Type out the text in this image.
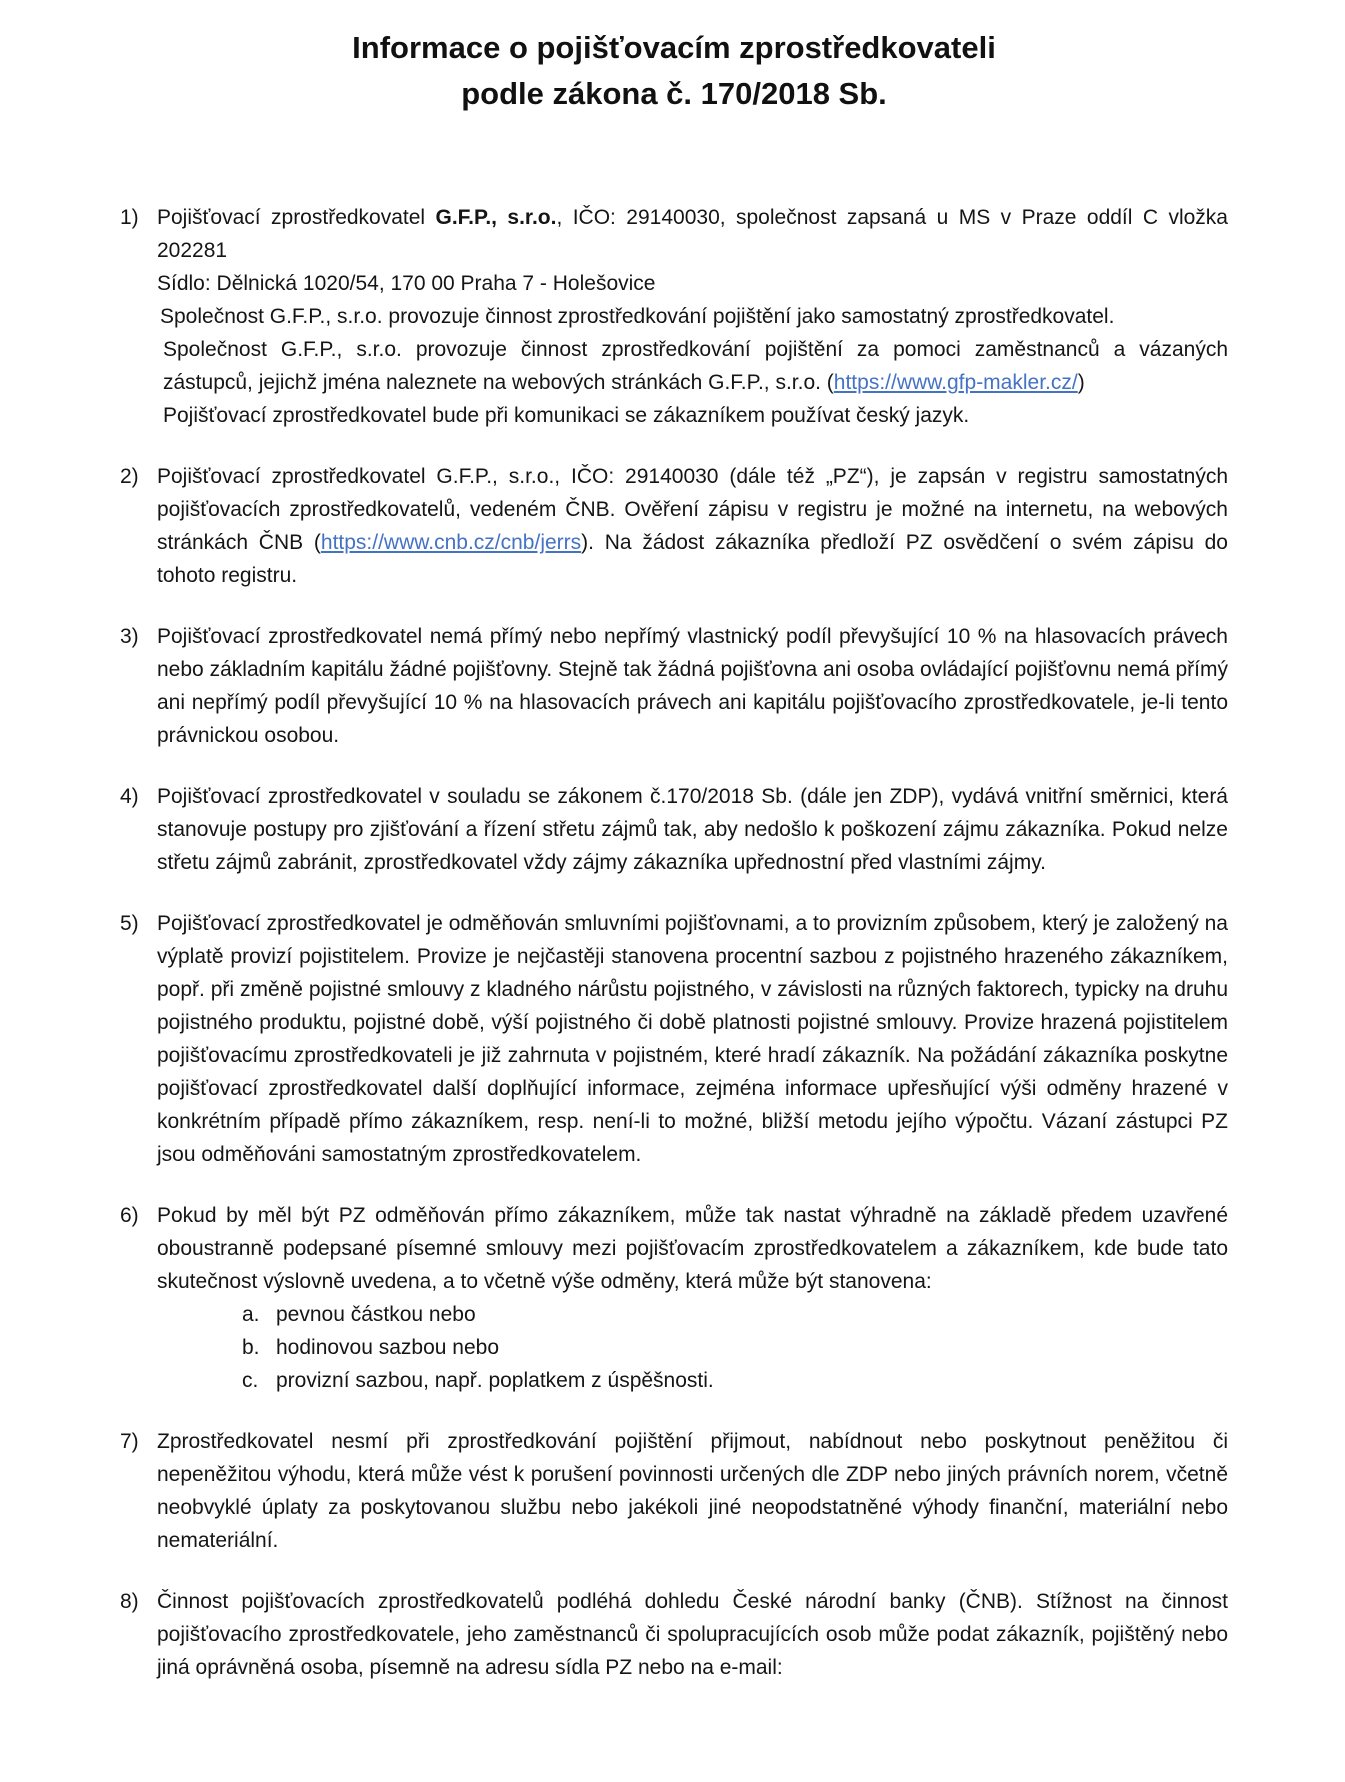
Informace o pojišťovacím zprostředkovateli
podle zákona č. 170/2018 Sb.
1) Pojišťovací zprostředkovatel G.F.P., s.r.o., IČO: 29140030, společnost zapsaná u MS v Praze oddíl C vložka 202281
Sídlo: Dělnická 1020/54, 170 00 Praha 7 - Holešovice
Společnost G.F.P., s.r.o. provozuje činnost zprostředkování pojištění jako samostatný zprostředkovatel.
Společnost G.F.P., s.r.o. provozuje činnost zprostředkování pojištění za pomoci zaměstnanců a vázaných zástupců, jejichž jména naleznete na webových stránkách G.F.P., s.r.o. (https://www.gfp-makler.cz/)
Pojišťovací zprostředkovatel bude při komunikaci se zákazníkem používat český jazyk.
2) Pojišťovací zprostředkovatel G.F.P., s.r.o., IČO: 29140030 (dále též „PZ“), je zapsán v registru samostatných pojišťovacích zprostředkovatelů, vedeném ČNB. Ověření zápisu v registru je možné na internetu, na webových stránkách ČNB (https://www.cnb.cz/cnb/jerrs). Na žádost zákazníka předloží PZ osvědčení o svém zápisu do tohoto registru.
3) Pojišťovací zprostředkovatel nemá přímý nebo nepřímý vlastnický podíl převyšující 10 % na hlasovacích právech nebo základním kapitálu žádné pojišťovny. Stejně tak žádná pojišťovna ani osoba ovládající pojišťovnu nemá přímý ani nepřímý podíl převyšující 10 % na hlasovacích právech ani kapitálu pojišťovacího zprostředkovatele, je-li tento právnickou osobou.
4) Pojišťovací zprostředkovatel v souladu se zákonem č.170/2018 Sb. (dále jen ZDP), vydává vnitřní směrnici, která stanovuje postupy pro zjišťování a řízení střetu zájmů tak, aby nedošlo k poškození zájmu zákazníka. Pokud nelze střetu zájmů zabránit, zprostředkovatel vždy zájmy zákazníka upřednostní před vlastními zájmy.
5) Pojišťovací zprostředkovatel je odměňován smluvními pojišťovnami, a to provizním způsobem, který je založený na výplatě provizí pojistitelem. Provize je nejčastěji stanovena procentní sazbou z pojistného hrazeného zákazníkem, popř. při změně pojistné smlouvy z kladného nárůstu pojistného, v závislosti na různých faktorech, typicky na druhu pojistného produktu, pojistné době, výší pojistného či době platnosti pojistné smlouvy. Provize hrazená pojistitelem pojišťovacímu zprostředkovateli je již zahrnuta v pojistném, které hradí zákazník. Na požádání zákazníka poskytne pojišťovací zprostředkovatel další doplňující informace, zejména informace upřesňující výši odměny hrazené v konkrétním případě přímo zákazníkem, resp. není-li to možné, bližší metodu jejího výpočtu. Vázaní zástupci PZ jsou odměňováni samostatným zprostředkovatelem.
6) Pokud by měl být PZ odměňován přímo zákazníkem, může tak nastat výhradně na základě předem uzavřené oboustranně podepsané písemné smlouvy mezi pojišťovacím zprostředkovatelem a zákazníkem, kde bude tato skutečnost výslovně uvedena, a to včetně výše odměny, která může být stanovena:
a. pevnou částkou nebo
b. hodinovou sazbou nebo
c. provizní sazbou, např. poplatkem z úspěšnosti.
7) Zprostředkovatel nesmí při zprostředkování pojištění přijmout, nabídnout nebo poskytnout peněžitou či nepeněžitou výhodu, která může vést k porušení povinnosti určených dle ZDP nebo jiných právních norem, včetně neobvyklé úplaty za poskytovanou službu nebo jakékoli jiné neopodstatněné výhody finanční, materiální nebo nemateriální.
8) Činnost pojišťovacích zprostředkovatelů podléhá dohledu České národní banky (ČNB). Stížnost na činnost pojišťovacího zprostředkovatele, jeho zaměstnanců či spolupracujících osob může podat zákazník, pojištěný nebo jiná oprávněná osoba, písemně na adresu sídla PZ nebo na e-mail:
